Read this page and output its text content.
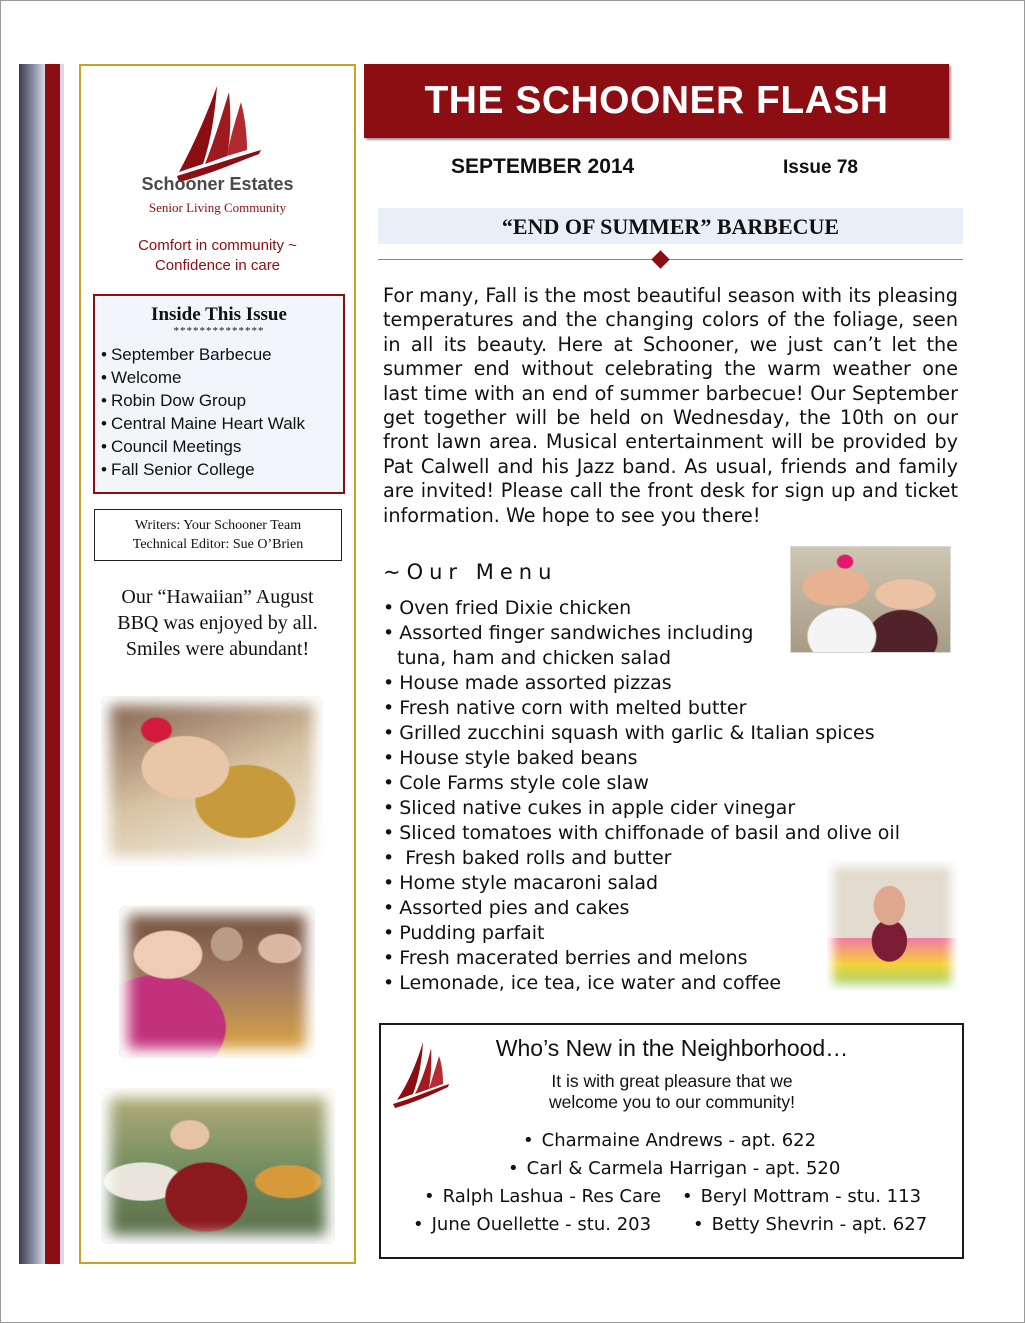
Schooner Estates
Senior Living Community
Comfort in community ~
Confidence in care
Inside This Issue
**************
• September Barbecue
• Welcome
• Robin Dow Group
• Central Maine Heart Walk
• Council Meetings
• Fall Senior College
Writers: Your Schooner Team
Technical Editor: Sue O’Brien
Our “Hawaiian” August
BBQ was enjoyed by all.
Smiles were abundant!
THE SCHOONER FLASH
SEPTEMBER 2014	Issue 78
“END OF SUMMER” BARBECUE
For many, Fall is the most beautiful season with its pleasing temperatures and the changing colors of the foliage, seen in all its beauty. Here at Schooner, we just can’t let the summer end without celebrating the warm weather one last time with an end of summer barbecue! Our September get together will be held on Wednesday, the 10th on our front lawn area. Musical entertainment will be provided by Pat Calwell and his Jazz band. As usual, friends and family are invited! Please call the front desk for sign up and ticket information. We hope to see you there!
~Our Menu
• Oven fried Dixie chicken
• Assorted finger sandwiches including
tuna, ham and chicken salad
• House made assorted pizzas
• Fresh native corn with melted butter
• Grilled zucchini squash with garlic & Italian spices
• House style baked beans
• Cole Farms style cole slaw
• Sliced native cukes in apple cider vinegar
• Sliced tomatoes with chiffonade of basil and olive oil
• Fresh baked rolls and butter
• Home style macaroni salad
• Assorted pies and cakes
• Pudding parfait
• Fresh macerated berries and melons
• Lemonade, ice tea, ice water and coffee
Who’s New in the Neighborhood…
It is with great pleasure that we
welcome you to our community!
• Charmaine Andrews - apt. 622
• Carl & Carmela Harrigan - apt. 520
• Ralph Lashua - Res Care	• Beryl Mottram - stu. 113
• June Ouellette - stu. 203	• Betty Shevrin - apt. 627
